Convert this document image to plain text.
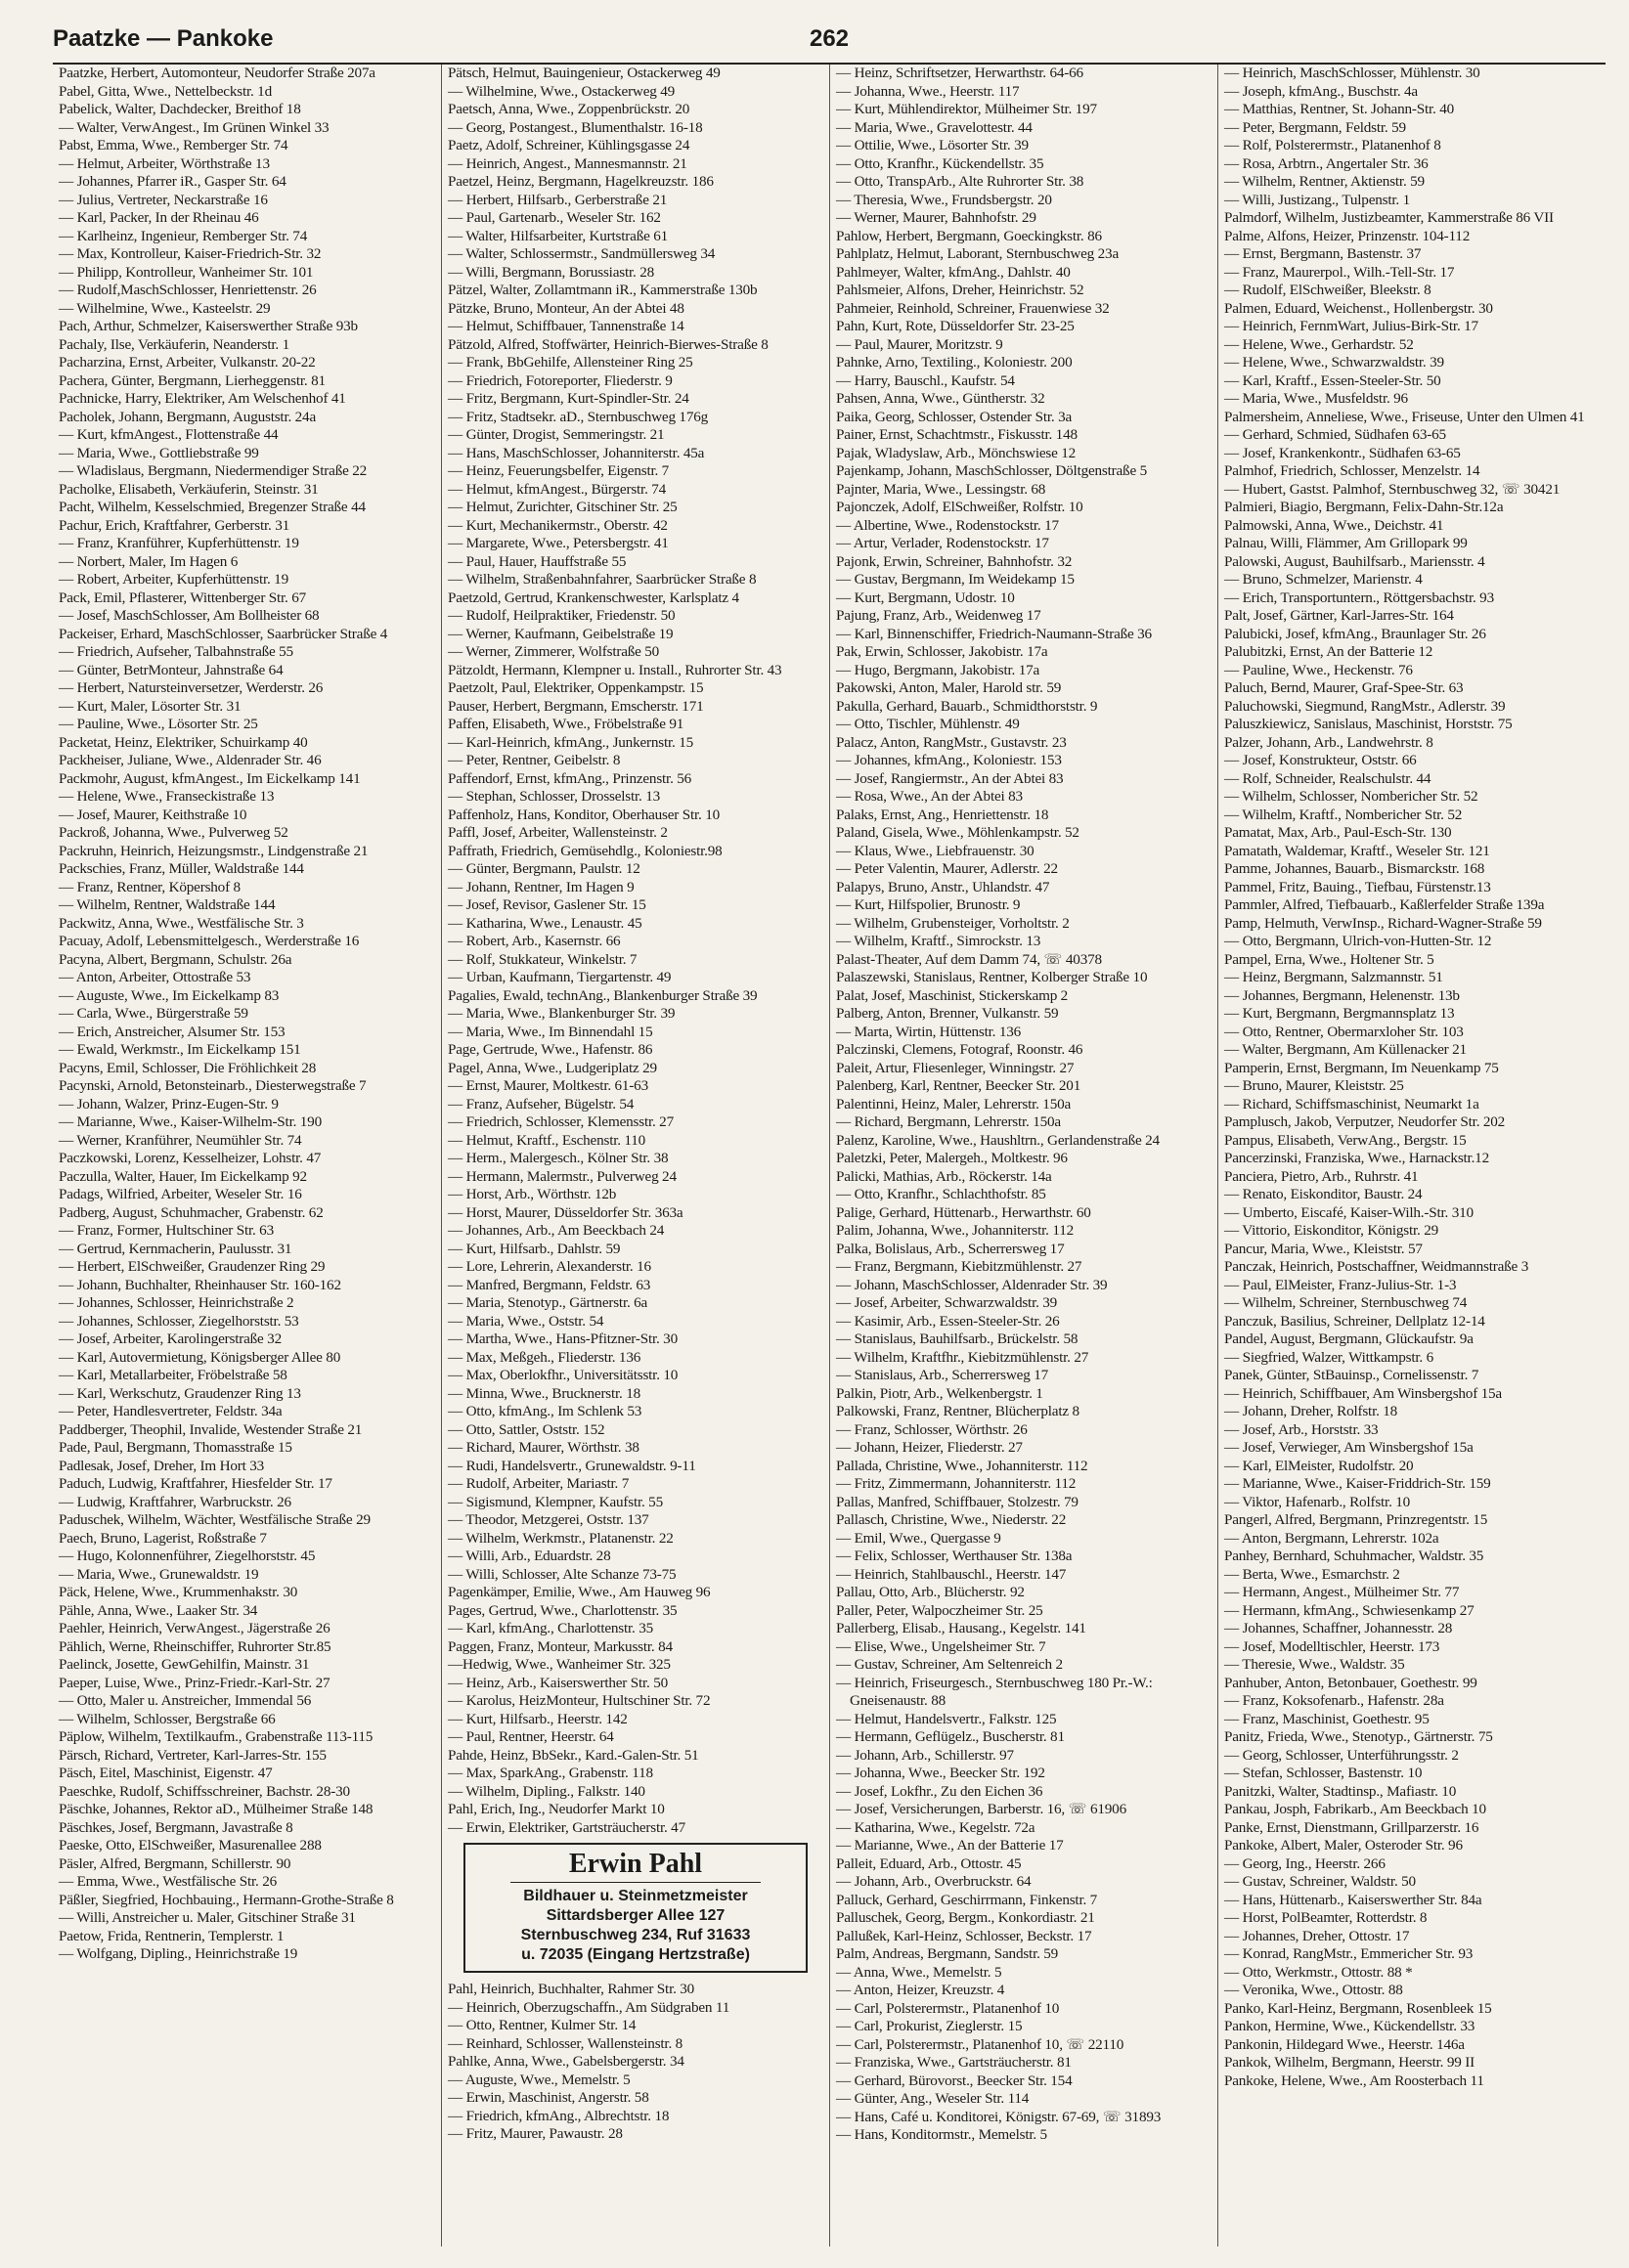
Paatzke — Pankoke	262
Paatzke, Herbert, Automonteur, Neudorfer Straße 207a
Pabel, Gitta, Wwe., Nettelbeckstr. 1d
Pabelick, Walter, Dachdecker, Breithof 18
— Walter, VerwAngest., Im Grünen Winkel 33
Pabst, Emma, Wwe., Remberger Str. 74
— Helmut, Arbeiter, Wörthstraße 13
— Johannes, Pfarrer iR., Gasper Str. 64
— Julius, Vertreter, Neckarstraße 16
— Karl, Packer, In der Rheinau 46
— Karlheinz, Ingenieur, Remberger Str. 74
— Max, Kontrolleur, Kaiser-Friedrich-Str. 32
— Philipp, Kontrolleur, Wanheimer Str. 101
— Rudolf,MaschSchlosser, Henriettenstr. 26
— Wilhelmine, Wwe., Kasteelstr. 29
Pach, Arthur, Schmelzer, Kaiserswerther Straße 93b
Pachaly, Ilse, Verkäuferin, Neanderstr. 1
Pacharzina, Ernst, Arbeiter, Vulkanstr. 20-22
Pachera, Günter, Bergmann, Lierheggenstr. 81
Pachnicke, Harry, Elektriker, Am Welschenhof 41
Pacholek, Johann, Bergmann, Auguststr. 24a
— Kurt, kfmAngest., Flottenstraße 44
— Maria, Wwe., Gottliebstraße 99
— Wladislaus, Bergmann, Niedermendiger Straße 22
Pacholke, Elisabeth, Verkäuferin, Steinstr. 31
Pacht, Wilhelm, Kesselschmied, Bregenzer Straße 44
Pachur, Erich, Kraftfahrer, Gerberstr. 31
— Franz, Kranführer, Kupferhüttenstr. 19
— Norbert, Maler, Im Hagen 6
— Robert, Arbeiter, Kupferhüttenstr. 19
Pack, Emil, Pflasterer, Wittenberger Str. 67
— Josef, MaschSchlosser, Am Bollheister 68
Packeiser, Erhard, MaschSchlosser, Saarbrücker Straße 4
— Friedrich, Aufseher, Talbahnstraße 55
— Günter, BetrMonteur, Jahnstraße 64
— Herbert, Natursteinversetzer, Werderstr. 26
— Kurt, Maler, Lösorter Str. 31
— Pauline, Wwe., Lösorter Str. 25
Packetat, Heinz, Elektriker, Schuirkamp 40
Packheiser, Juliane, Wwe., Aldenrader Str. 46
Packmohr, August, kfmAngest., Im Eickelkamp 141
— Helene, Wwe., Franseckistraße 13
— Josef, Maurer, Keithstraße 10
Packroß, Johanna, Wwe., Pulverweg 52
Packruhn, Heinrich, Heizungsmstr., Lindgenstraße 21
Packschies, Franz, Müller, Waldstraße 144
— Franz, Rentner, Köpershof 8
— Wilhelm, Rentner, Waldstraße 144
Packwitz, Anna, Wwe., Westfälische Str. 3
Pacuay, Adolf, Lebensmittelgesch., Werderstraße 16
Pacyna, Albert, Bergmann, Schulstr. 26a
— Anton, Arbeiter, Ottostraße 53
— Auguste, Wwe., Im Eickelkamp 83
— Carla, Wwe., Bürgerstraße 59
— Erich, Anstreicher, Alsumer Str. 153
— Ewald, Werkmstr., Im Eickelkamp 151
Pacyns, Emil, Schlosser, Die Fröhlichkeit 28
Pacynski, Arnold, Betonsteinarb., Diesterwegstraße 7
— Johann, Walzer, Prinz-Eugen-Str. 9
— Marianne, Wwe., Kaiser-Wilhelm-Str. 190
— Werner, Kranführer, Neumühler Str. 74
Paczkowski, Lorenz, Kesselheizer, Lohstr. 47
Paczulla, Walter, Hauer, Im Eickelkamp 92
Padags, Wilfried, Arbeiter, Weseler Str. 16
Padberg, August, Schuhmacher, Grabenstr. 62
— Franz, Former, Hultschiner Str. 63
— Gertrud, Kernmacherin, Paulusstr. 31
— Herbert, ElSchweißer, Graudenzer Ring 29
— Johann, Buchhalter, Rheinhauser Str. 160-162
— Johannes, Schlosser, Heinrichstraße 2
— Johannes, Schlosser, Ziegelhorststr. 53
— Josef, Arbeiter, Karolingerstraße 32
— Karl, Autovermietung, Königsberger Allee 80
— Karl, Metallarbeiter, Fröbelstraße 58
— Karl, Werkschutz, Graudenzer Ring 13
— Peter, Handlesvertreter, Feldstr. 34a
Paddberger, Theophil, Invalide, Westender Straße 21
Pade, Paul, Bergmann, Thomasstraße 15
Padlesak, Josef, Dreher, Im Hort 33
Paduch, Ludwig, Kraftfahrer, Hiesfelder Str. 17
— Ludwig, Kraftfahrer, Warbruckstr. 26
Paduschek, Wilhelm, Wächter, Westfälische Straße 29
Paech, Bruno, Lagerist, Roßstraße 7
— Hugo, Kolonnenführer, Ziegelhorststr. 45
— Maria, Wwe., Grunewaldstr. 19
Päck, Helene, Wwe., Krummenhakstr. 30
Pähle, Anna, Wwe., Laaker Str. 34
Paehler, Heinrich, VerwAngest., Jägerstraße 26
Pählich, Werne, Rheinschiffer, Ruhrorter Str.85
Paelinck, Josette, GewGehilfin, Mainstr. 31
Paeper, Luise, Wwe., Prinz-Friedr.-Karl-Str. 27
— Otto, Maler u. Anstreicher, Immendal 56
— Wilhelm, Schlosser, Bergstraße 66
Päplow, Wilhelm, Textilkaufm., Grabenstraße 113-115
Pärsch, Richard, Vertreter, Karl-Jarres-Str. 155
Päsch, Eitel, Maschinist, Eigenstr. 47
Paeschke, Rudolf, Schiffsschreiner, Bachstr. 28-30
Päschke, Johannes, Rektor aD., Mülheimer Straße 148
Päschkes, Josef, Bergmann, Javastraße 8
Paeske, Otto, ElSchweißer, Masurenallee 288
Päsler, Alfred, Bergmann, Schillerstr. 90
— Emma, Wwe., Westfälische Str. 26
Päßler, Siegfried, Hochbauing., Hermann-Grothe-Straße 8
— Willi, Anstreicher u. Maler, Gitschiner Straße 31
Paetow, Frida, Rentnerin, Templerstr. 1
— Wolfgang, Dipling., Heinrichstraße 19
Pätsch, Helmut, Bauingenieur, Ostackerweg 49
— Wilhelmine, Wwe., Ostackerweg 49
Paetsch, Anna, Wwe., Zoppenbrückstr. 20
— Georg, Postangest., Blumenthalstr. 16-18
Paetz, Adolf, Schreiner, Kühlingsgasse 24
— Heinrich, Angest., Mannesmannstr. 21
Paetzel, Heinz, Bergmann, Hagelkreuzstr. 186
— Herbert, Hilfsarb., Gerberstraße 21
— Paul, Gartenarb., Weseler Str. 162
— Walter, Hilfsarbeiter, Kurtstraße 61
— Walter, Schlossermstr., Sandmüllersweg 34
— Willi, Bergmann, Borussiastr. 28
Pätzel, Walter, Zollamtmann iR., Kammerstraße 130b
Pätzke, Bruno, Monteur, An der Abtei 48
— Helmut, Schiffbauer, Tannenstraße 14
Pätzold, Alfred, Stoffwärter, Heinrich-Bierwes-Straße 8
— Frank, BbGehilfe, Allensteiner Ring 25
— Friedrich, Fotoreporter, Fliederstr. 9
— Fritz, Bergmann, Kurt-Spindler-Str. 24
— Fritz, Stadtsekr. aD., Sternbuschweg 176g
— Günter, Drogist, Semmeringstr. 21
— Hans, MaschSchlosser, Johanniterstr. 45a
— Heinz, Feuerungsbelfer, Eigenstr. 7
— Helmut, kfmAngest., Bürgerstr. 74
— Helmut, Zurichter, Gitschiner Str. 25
— Kurt, Mechanikermstr., Oberstr. 42
— Margarete, Wwe., Petersbergstr. 41
— Paul, Hauer, Hauffstraße 55
— Wilhelm, Straßenbahnfahrer, Saarbrücker Straße 8
Paetzold, Gertrud, Krankenschwester, Karlsplatz 4
— Rudolf, Heilpraktiker, Friedenstr. 50
— Werner, Kaufmann, Geibelstraße 19
— Werner, Zimmerer, Wolfstraße 50
Pätzoldt, Hermann, Klempner u. Install., Ruhrorter Str. 43
Paetzolt, Paul, Elektriker, Oppenkampstr. 15
Pauser, Herbert, Bergmann, Emscherstr. 171
Paffen, Elisabeth, Wwe., Fröbelstraße 91
— Karl-Heinrich, kfmAng., Junkernstr. 15
— Peter, Rentner, Geibelstr. 8
Paffendorf, Ernst, kfmAng., Prinzenstr. 56
— Stephan, Schlosser, Drosselstr. 13
Paffenholz, Hans, Konditor, Oberhauser Str. 10
Paffl, Josef, Arbeiter, Wallensteinstr. 2
Paffrath, Friedrich, Gemüsehdlg., Koloniestr.98
— Günter, Bergmann, Paulstr. 12
— Johann, Rentner, Im Hagen 9
— Josef, Revisor, Gaslener Str. 15
— Katharina, Wwe., Lenaustr. 45
— Robert, Arb., Kasernstr. 66
— Rolf, Stukkateur, Winkelstr. 7
— Urban, Kaufmann, Tiergartenstr. 49
Pagalies, Ewald, technAng., Blankenburger Straße 39
— Maria, Wwe., Blankenburger Str. 39
— Maria, Wwe., Im Binnendahl 15
Page, Gertrude, Wwe., Hafenstr. 86
Pagel, Anna, Wwe., Ludgeriplatz 29
— Ernst, Maurer, Moltkestr. 61-63
— Franz, Aufseher, Bügelstr. 54
— Friedrich, Schlosser, Klemensstr. 27
— Helmut, Kraftf., Eschenstr. 110
— Herm., Malergesch., Kölner Str. 38
— Hermann, Malermstr., Pulverweg 24
— Horst, Arb., Wörthstr. 12b
— Horst, Maurer, Düsseldorfer Str. 363a
— Johannes, Arb., Am Beeckbach 24
— Kurt, Hilfsarb., Dahlstr. 59
— Lore, Lehrerin, Alexanderstr. 16
— Manfred, Bergmann, Feldstr. 63
— Maria, Stenotyp., Gärtnerstr. 6a
— Maria, Wwe., Oststr. 54
— Martha, Wwe., Hans-Pfitzner-Str. 30
— Max, Meßgeh., Fliederstr. 136
— Max, Oberlokfhr., Universitätsstr. 10
— Minna, Wwe., Brucknerstr. 18
— Otto, kfmAng., Im Schlenk 53
— Otto, Sattler, Oststr. 152
— Richard, Maurer, Wörthstr. 38
— Rudi, Handelsvertr., Grunewaldstr. 9-11
— Rudolf, Arbeiter, Mariastr. 7
— Sigismund, Klempner, Kaufstr. 55
— Theodor, Metzgerei, Oststr. 137
— Wilhelm, Werkmstr., Platanenstr. 22
— Willi, Arb., Eduardstr. 28
— Willi, Schlosser, Alte Schanze 73-75
Pagenkämper, Emilie, Wwe., Am Hauweg 96
Pages, Gertrud, Wwe., Charlottenstr. 35
— Karl, kfmAng., Charlottenstr. 35
Paggen, Franz, Monteur, Markusstr. 84
—Hedwig, Wwe., Wanheimer Str. 325
— Heinz, Arb., Kaiserswerther Str. 50
— Karolus, HeizMonteur, Hultschiner Str. 72
— Kurt, Hilfsarb., Heerstr. 142
— Paul, Rentner, Heerstr. 64
Pahde, Heinz, BbSekr., Kard.-Galen-Str. 51
— Max, SparkAng., Grabenstr. 118
— Wilhelm, Dipling., Falkstr. 140
Pahl, Erich, Ing., Neudorfer Markt 10
— Erwin, Elektriker, Gartsträucherstr. 47
Erwin Pahl
Bildhauer u. Steinmetzmeister
Sittardsberger Allee 127
Sternbuschweg 234, Ruf 31633
u. 72035 (Eingang Hertzstraße)
Pahl, Heinrich, Buchhalter, Rahmer Str. 30
— Heinrich, Oberzugschaffn., Am Südgraben 11
— Otto, Rentner, Kulmer Str. 14
— Reinhard, Schlosser, Wallensteinstr. 8
Pahlke, Anna, Wwe., Gabelsbergerstr. 34
— Auguste, Wwe., Memelstr. 5
— Erwin, Maschinist, Angerstr. 58
— Friedrich, kfmAng., Albrechtstr. 18
— Fritz, Maurer, Pawaustr. 28
— Heinz, Schriftsetzer, Herwarthstr. 64-66
— Johanna, Wwe., Heerstr. 117
— Kurt, Mühlendirektor, Mülheimer Str. 197
— Maria, Wwe., Gravelottestr. 44
— Ottilie, Wwe., Lösorter Str. 39
— Otto, Kranfhr., Kückendellstr. 35
— Otto, TranspArb., Alte Ruhrorter Str. 38
— Theresia, Wwe., Frundsbergstr. 20
— Werner, Maurer, Bahnhofstr. 29
Pahlow, Herbert, Bergmann, Goeckingkstr. 86
Pahlplatz, Helmut, Laborant, Sternbuschweg 23a
Pahlmeyer, Walter, kfmAng., Dahlstr. 40
Pahlsmeier, Alfons, Dreher, Heinrichstr. 52
Pahmeier, Reinhold, Schreiner, Frauenwiese 32
Pahn, Kurt, Rote, Düsseldorfer Str. 23-25
— Paul, Maurer, Moritzstr. 9
Pahnke, Arno, Textiling., Koloniestr. 200
— Harry, Bauschl., Kaufstr. 54
Pahsen, Anna, Wwe., Güntherstr. 32
Paika, Georg, Schlosser, Ostender Str. 3a
Painer, Ernst, Schachtmstr., Fiskusstr. 148
Pajak, Wladyslaw, Arb., Mönchswiese 12
Pajenkamp, Johann, MaschSchlosser, Döltgenstraße 5
Pajnter, Maria, Wwe., Lessingstr. 68
Pajonczek, Adolf, ElSchweißer, Rolfstr. 10
— Albertine, Wwe., Rodenstockstr. 17
— Artur, Verlader, Rodenstockstr. 17
Pajonk, Erwin, Schreiner, Bahnhofstr. 32
— Gustav, Bergmann, Im Weidekamp 15
— Kurt, Bergmann, Udostr. 10
Pajung, Franz, Arb., Weidenweg 17
— Karl, Binnenschiffer, Friedrich-Naumann-Straße 36
Pak, Erwin, Schlosser, Jakobistr. 17a
— Hugo, Bergmann, Jakobistr. 17a
Pakowski, Anton, Maler, Harold str. 59
Pakulla, Gerhard, Bauarb., Schmidthorststr. 9
— Otto, Tischler, Mühlenstr. 49
Palacz, Anton, RangMstr., Gustavstr. 23
— Johannes, kfmAng., Koloniestr. 153
— Josef, Rangiermstr., An der Abtei 83
— Rosa, Wwe., An der Abtei 83
Palaks, Ernst, Ang., Henriettenstr. 18
Paland, Gisela, Wwe., Möhlenkampstr. 52
— Klaus, Wwe., Liebfrauenstr. 30
— Peter Valentin, Maurer, Adlerstr. 22
Palapys, Bruno, Anstr., Uhlandstr. 47
— Kurt, Hilfspolier, Brunostr. 9
— Wilhelm, Grubensteiger, Vorholtstr. 2
— Wilhelm, Kraftf., Simrockstr. 13
Palast-Theater, Auf dem Damm 74, ☏ 40378
Palaszewski, Stanislaus, Rentner, Kolberger Straße 10
Palat, Josef, Maschinist, Stickerskamp 2
Palberg, Anton, Brenner, Vulkanstr. 59
— Marta, Wirtin, Hüttenstr. 136
Palczinski, Clemens, Fotograf, Roonstr. 46
Paleit, Artur, Fliesenleger, Winningstr. 27
Palenberg, Karl, Rentner, Beecker Str. 201
Palentinni, Heinz, Maler, Lehrerstr. 150a
— Richard, Bergmann, Lehrerstr. 150a
Palenz, Karoline, Wwe., Haushltrn., Gerlandenstraße 24
Paletzki, Peter, Malergeh., Moltkestr. 96
Palicki, Mathias, Arb., Röckerstr. 14a
— Otto, Kranfhr., Schlachthofstr. 85
Palige, Gerhard, Hüttenarb., Herwarthstr. 60
Palim, Johanna, Wwe., Johanniterstr. 112
Palka, Bolislaus, Arb., Scherrersweg 17
— Franz, Bergmann, Kiebitzmühlenstr. 27
— Johann, MaschSchlosser, Aldenrader Str. 39
— Josef, Arbeiter, Schwarzwaldstr. 39
— Kasimir, Arb., Essen-Steeler-Str. 26
— Stanislaus, Bauhilfsarb., Brückelstr. 58
— Wilhelm, Kraftfhr., Kiebitzmühlenstr. 27
— Stanislaus, Arb., Scherrersweg 17
Palkin, Piotr, Arb., Welkenbergstr. 1
Palkowski, Franz, Rentner, Blücherplatz 8
— Franz, Schlosser, Wörthstr. 26
— Johann, Heizer, Fliederstr. 27
Pallada, Christine, Wwe., Johanniterstr. 112
— Fritz, Zimmermann, Johanniterstr. 112
Pallas, Manfred, Schiffbauer, Stolzestr. 79
Pallasch, Christine, Wwe., Niederstr. 22
— Emil, Wwe., Quergasse 9
— Felix, Schlosser, Werthauser Str. 138a
— Heinrich, Stahlbauschl., Heerstr. 147
Pallau, Otto, Arb., Blücherstr. 92
Paller, Peter, Walpoczheimer Str. 25
Pallerberg, Elisab., Hausang., Kegelstr. 141
— Elise, Wwe., Ungelsheimer Str. 7
— Gustav, Schreiner, Am Seltenreich 2
— Heinrich, Friseurgesch., Sternbuschweg 180 Pr.-W.: Gneisenaustr. 88
— Helmut, Handelsvertr., Falkstr. 125
— Hermann, Geflügelz., Buscherstr. 81
— Johann, Arb., Schillerstr. 97
— Johanna, Wwe., Beecker Str. 192
— Josef, Lokfhr., Zu den Eichen 36
— Josef, Versicherungen, Barberstr. 16, ☏ 61906
— Katharina, Wwe., Kegelstr. 72a
— Marianne, Wwe., An der Batterie 17
Palleit, Eduard, Arb., Ottostr. 45
— Johann, Arb., Overbruckstr. 64
Palluck, Gerhard, Geschirrmann, Finkenstr. 7
Palluschek, Georg, Bergm., Konkordiastr. 21
Pallußek, Karl-Heinz, Schlosser, Beckstr. 17
Palm, Andreas, Bergmann, Sandstr. 59
— Anna, Wwe., Memelstr. 5
— Anton, Heizer, Kreuzstr. 4
— Carl, Polsterermstr., Platanenhof 10
— Carl, Prokurist, Zieglerstr. 15
— Carl, Polsterermstr., Platanenhof 10, ☏ 22110
— Franziska, Wwe., Gartsträucherstr. 81
— Gerhard, Bürovorst., Beecker Str. 154
— Günter, Ang., Weseler Str. 114
— Hans, Café u. Konditorei, Königstr. 67-69, ☏ 31893
— Hans, Konditormstr., Memelstr. 5
— Heinrich, MaschSchlosser, Mühlenstr. 30
— Joseph, kfmAng., Buschstr. 4a
— Matthias, Rentner, St. Johann-Str. 40
— Peter, Bergmann, Feldstr. 59
— Rolf, Polsterermstr., Platanenhof 8
— Rosa, Arbtrn., Angertaler Str. 36
— Wilhelm, Rentner, Aktienstr. 59
— Willi, Justizang., Tulpenstr. 1
Palmdorf, Wilhelm, Justizbeamter, Kammerstraße 86 VII
Palme, Alfons, Heizer, Prinzenstr. 104-112
— Ernst, Bergmann, Bastenstr. 37
— Franz, Maurerpol., Wilh.-Tell-Str. 17
— Rudolf, ElSchweißer, Bleekstr. 8
Palmen, Eduard, Weichenst., Hollenbergstr. 30
— Heinrich, FernmWart, Julius-Birk-Str. 17
— Helene, Wwe., Gerhardstr. 52
— Helene, Wwe., Schwarzwaldstr. 39
— Karl, Kraftf., Essen-Steeler-Str. 50
— Maria, Wwe., Musfeldstr. 96
Palmersheim, Anneliese, Wwe., Friseuse, Unter den Ulmen 41
— Gerhard, Schmied, Südhafen 63-65
— Josef, Krankenkontr., Südhafen 63-65
Palmhof, Friedrich, Schlosser, Menzelstr. 14
— Hubert, Gastst. Palmhof, Sternbuschweg 32, ☏ 30421
Palmieri, Biagio, Bergmann, Felix-Dahn-Str.12a
Palmowski, Anna, Wwe., Deichstr. 41
Palnau, Willi, Flämmer, Am Grillopark 99
Palowski, August, Bauhilfsarb., Mariensstr. 4
— Bruno, Schmelzer, Marienstr. 4
— Erich, Transportuntern., Röttgersbachstr. 93
Palt, Josef, Gärtner, Karl-Jarres-Str. 164
Palubicki, Josef, kfmAng., Braunlager Str. 26
Palubitzki, Ernst, An der Batterie 12
— Pauline, Wwe., Heckenstr. 76
Paluch, Bernd, Maurer, Graf-Spee-Str. 63
Paluchowski, Siegmund, RangMstr., Adlerstr. 39
Paluszkiewicz, Sanislaus, Maschinist, Horststr. 75
Palzer, Johann, Arb., Landwehrstr. 8
— Josef, Konstrukteur, Oststr. 66
— Rolf, Schneider, Realschulstr. 44
— Wilhelm, Schlosser, Nombericher Str. 52
— Wilhelm, Kraftf., Nombericher Str. 52
Pamatat, Max, Arb., Paul-Esch-Str. 130
Pamatath, Waldemar, Kraftf., Weseler Str. 121
Pamme, Johannes, Bauarb., Bismarckstr. 168
Pammel, Fritz, Bauing., Tiefbau, Fürstenstr.13
Pammler, Alfred, Tiefbauarb., Kaßlerfelder Straße 139a
Pamp, Helmuth, VerwInsp., Richard-Wagner-Straße 59
— Otto, Bergmann, Ulrich-von-Hutten-Str. 12
Pampel, Erna, Wwe., Holtener Str. 5
— Heinz, Bergmann, Salzmannstr. 51
— Johannes, Bergmann, Helenenstr. 13b
— Kurt, Bergmann, Bergmannsplatz 13
— Otto, Rentner, Obermarxloher Str. 103
— Walter, Bergmann, Am Küllenacker 21
Pamperin, Ernst, Bergmann, Im Neuenkamp 75
— Bruno, Maurer, Kleiststr. 25
— Richard, Schiffsmaschinist, Neumarkt 1a
Pamplusch, Jakob, Verputzer, Neudorfer Str. 202
Pampus, Elisabeth, VerwAng., Bergstr. 15
Pancerzinski, Franziska, Wwe., Harnackstr.12
Panciera, Pietro, Arb., Ruhrstr. 41
— Renato, Eiskonditor, Baustr. 24
— Umberto, Eiscafé, Kaiser-Wilh.-Str. 310
— Vittorio, Eiskonditor, Königstr. 29
Pancur, Maria, Wwe., Kleiststr. 57
Panczak, Heinrich, Postschaffner, Weidmannstraße 3
— Paul, ElMeister, Franz-Julius-Str. 1-3
— Wilhelm, Schreiner, Sternbuschweg 74
Panczuk, Basilius, Schreiner, Dellplatz 12-14
Pandel, August, Bergmann, Glückaufstr. 9a
— Siegfried, Walzer, Wittkampstr. 6
Panek, Günter, StBauinsp., Cornelissenstr. 7
— Heinrich, Schiffbauer, Am Winsbergshof 15a
— Johann, Dreher, Rolfstr. 18
— Josef, Arb., Horststr. 33
— Josef, Verwieger, Am Winsbergshof 15a
— Karl, ElMeister, Rudolfstr. 20
— Marianne, Wwe., Kaiser-Friddrich-Str. 159
— Viktor, Hafenarb., Rolfstr. 10
Pangerl, Alfred, Bergmann, Prinzregentstr. 15
— Anton, Bergmann, Lehrerstr. 102a
Panhey, Bernhard, Schuhmacher, Waldstr. 35
— Berta, Wwe., Esmarchstr. 2
— Hermann, Angest., Mülheimer Str. 77
— Hermann, kfmAng., Schwiesenkamp 27
— Johannes, Schaffner, Johannesstr. 28
— Josef, Modelltischler, Heerstr. 173
— Theresie, Wwe., Waldstr. 35
Panhuber, Anton, Betonbauer, Goethestr. 99
— Franz, Koksofenarb., Hafenstr. 28a
— Franz, Maschinist, Goethestr. 95
Panitz, Frieda, Wwe., Stenotyp., Gärtnerstr. 75
— Georg, Schlosser, Unterführungsstr. 2
— Stefan, Schlosser, Bastenstr. 10
Panitzki, Walter, Stadtinsp., Mafiastr. 10
Pankau, Josph, Fabrikarb., Am Beeckbach 10
Panke, Ernst, Dienstmann, Grillparzerstr. 16
Pankoke, Albert, Maler, Osteroder Str. 96
— Georg, Ing., Heerstr. 266
— Gustav, Schreiner, Waldstr. 50
— Hans, Hüttenarb., Kaiserswerther Str. 84a
— Horst, PolBeamter, Rotterdstr. 8
— Johannes, Dreher, Ottostr. 17
— Konrad, RangMstr., Emmericher Str. 93
— Otto, Werkmstr., Ottostr. 88 *
— Veronika, Wwe., Ottostr. 88
Panko, Karl-Heinz, Bergmann, Rosenbleek 15
Pankon, Hermine, Wwe., Kückendellstr. 33
Pankonin, Hildegard Wwe., Heerstr. 146a
Pankok, Wilhelm, Bergmann, Heerstr. 99 II
Pankoke, Helene, Wwe., Am Roosterbach 11
